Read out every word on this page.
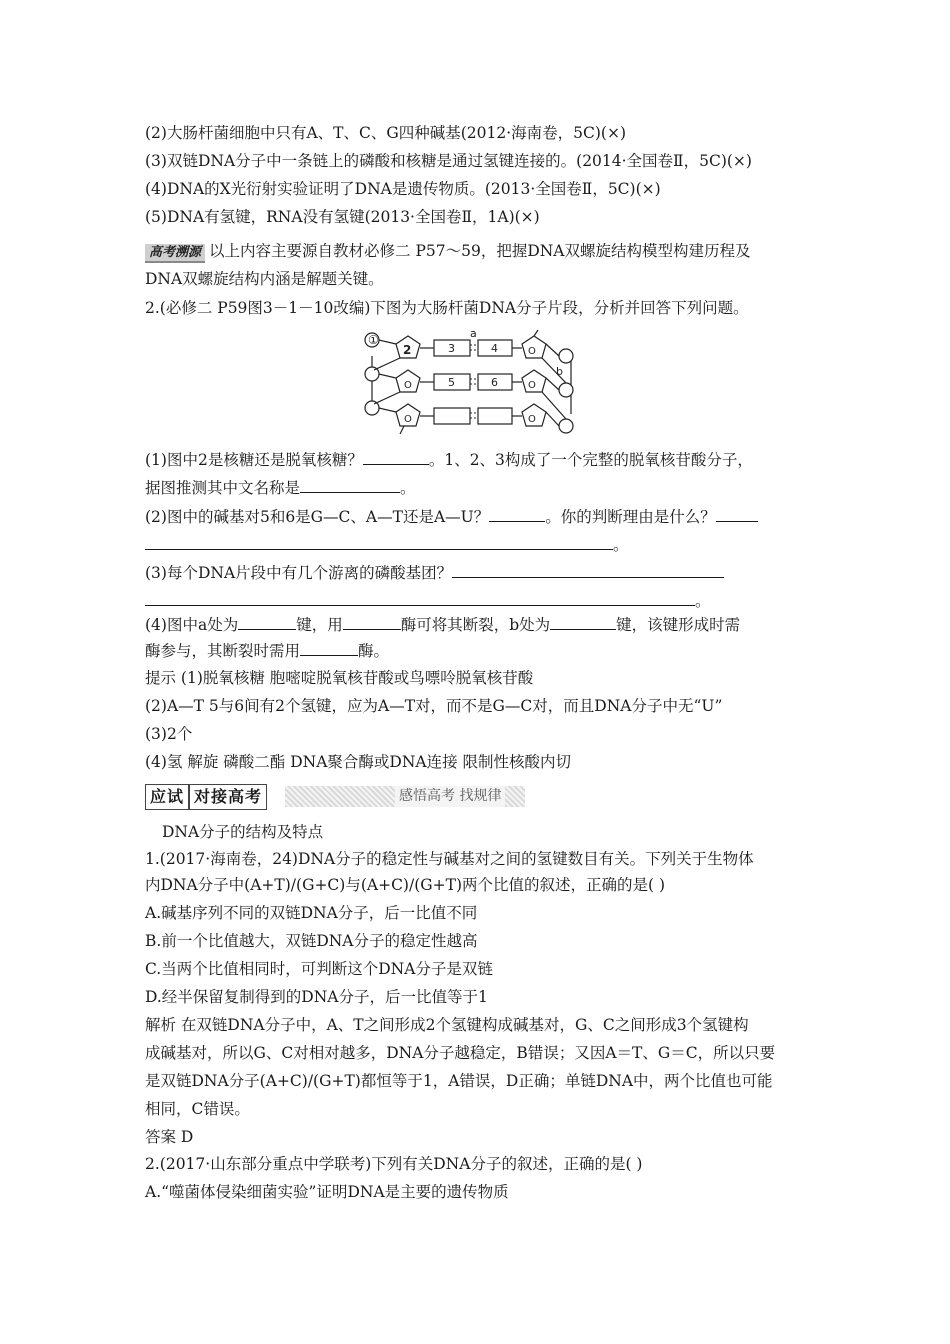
(2)大肠杆菌细胞中只有A、T、C、G四种碱基(2012·海南卷，5C)(×)
(3)双链DNA分子中一条链上的磷酸和核糖是通过氢键连接的。(2014·全国卷Ⅱ，5C)(×)
(4)DNA的X光衍射实验证明了DNA是遗传物质。(2013·全国卷Ⅱ，5C)(×)
(5)DNA有氢键，RNA没有氢键(2013·全国卷Ⅱ，1A)(×)
高考溯源 以上内容主要源自教材必修二 P57～59，把握DNA双螺旋结构模型构建历程及
DNA双螺旋结构内涵是解题关键。
2.(必修二 P59图3－1－10改编)下图为大肠杆菌DNA分子片段，分析并回答下列问题。
①
2
a
b
3	4
5	6
O
O
O
O
O
(1)图中2是核糖还是脱氧核糖？	。1、2、3构成了一个完整的脱氧核苷酸分子，
据图推测其中文名称是	。
(2)图中的碱基对5和6是G—C、A—T还是A—U？	。你的判断理由是什么？
。
(3)每个DNA片段中有几个游离的磷酸基团？
。
(4)图中a处为	键，用	酶可将其断裂，b处为	键，该键形成时需
酶参与，其断裂时需用	酶。
提示 (1)脱氧核糖 胞嘧啶脱氧核苷酸或鸟嘌呤脱氧核苷酸
(2)A—T 5与6间有2个氢键，应为A—T对，而不是G—C对，而且DNA分子中无“U”
(3)2个
(4)氢 解旋 磷酸二酯 DNA聚合酶或DNA连接 限制性核酸内切
应试 对接高考	感悟高考 找规律
DNA分子的结构及特点
1.(2017·海南卷，24)DNA分子的稳定性与碱基对之间的氢键数目有关。下列关于生物体
内DNA分子中(A+T)/(G+C)与(A+C)/(G+T)两个比值的叙述，正确的是( )
A.碱基序列不同的双链DNA分子，后一比值不同
B.前一个比值越大，双链DNA分子的稳定性越高
C.当两个比值相同时，可判断这个DNA分子是双链
D.经半保留复制得到的DNA分子，后一比值等于1
解析 在双链DNA分子中，A、T之间形成2个氢键构成碱基对，G、C之间形成3个氢键构
成碱基对，所以G、C对相对越多，DNA分子越稳定，B错误；又因A＝T、G＝C，所以只要
是双链DNA分子(A+C)/(G+T)都恒等于1，A错误，D正确；单链DNA中，两个比值也可能
相同，C错误。
答案 D
2.(2017·山东部分重点中学联考)下列有关DNA分子的叙述，正确的是( )
A.“噬菌体侵染细菌实验”证明DNA是主要的遗传物质
